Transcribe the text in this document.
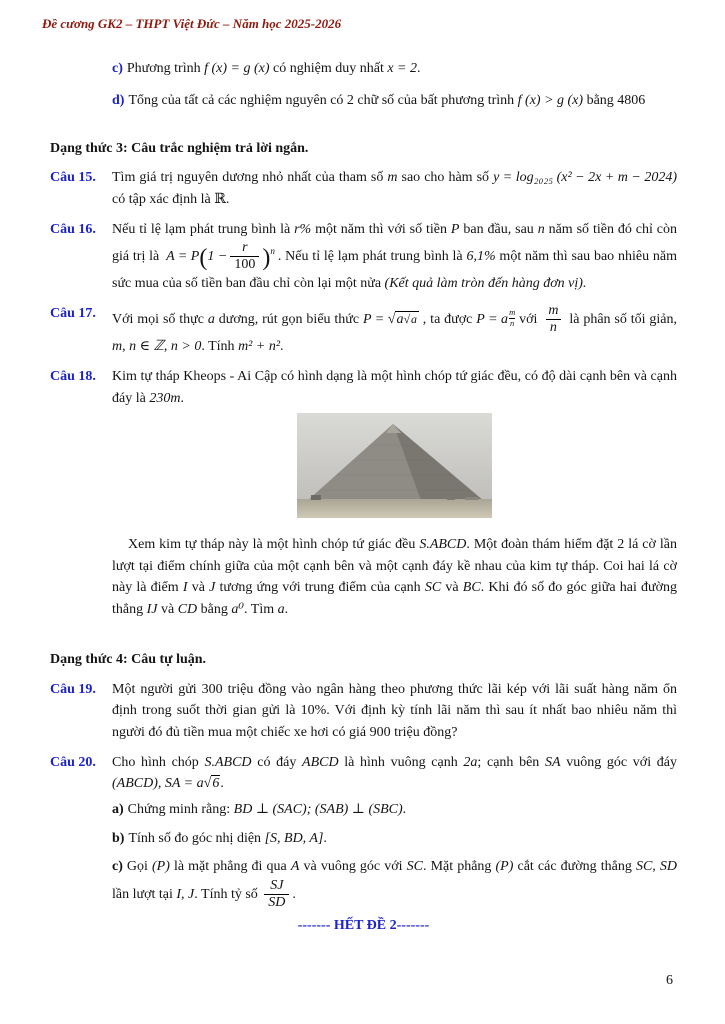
Đề cương GK2 – THPT Việt Đức – Năm học 2025-2026
c) Phương trình f (x) = g (x) có nghiệm duy nhất x = 2.
d) Tổng của tất cả các nghiệm nguyên có 2 chữ số của bất phương trình f (x) > g (x) bằng 4806
Dạng thức 3: Câu trắc nghiệm trả lời ngắn.
Câu 15.	Tìm giá trị nguyên dương nhỏ nhất của tham số m sao cho hàm số y = log₂₀₂₅ (x² − 2x + m − 2024) có tập xác định là ℝ.
Câu 16.	Nếu tỉ lệ lạm phát trung bình là r% một năm thì với số tiền P ban đầu, sau n năm số tiền đó chỉ còn giá trị là $A = P(1 - \frac{r}{100} )^n$ . Nếu tỉ lệ lạm phát trung bình là 6,1% một năm thì sau bao nhiêu năm sức mua của số tiền ban đầu chỉ còn lại một nửa (Kết quả làm tròn đến hàng đơn vị).
Câu 17.	Với mọi số thực a dương, rút gọn biểu thức P = √a√a , ta được P = a $\frac{m}{n}$ với $\frac{m}{n}$ là phân số tối giản, m, n ∈ ℤ, n > 0. Tính m² + n².
Câu 18.	Kim tự tháp Kheops - Ai Cập có hình dạng là một hình chóp tứ giác đều, có độ dài cạnh bên và cạnh đáy là 230m.
Xem kim tự tháp này là một hình chóp tứ giác đều S.ABCD. Một đoàn thám hiểm đặt 2 lá cờ lần lượt tại điểm chính giữa của một cạnh bên và một cạnh đáy kề nhau của kim tự tháp. Coi hai lá cờ này là điểm I và J tương ứng với trung điểm của cạnh SC và BC. Khi đó số đo góc giữa hai đường thẳng IJ và CD bằng a⁰. Tìm a.
Dạng thức 4: Câu tự luận.
Câu 19.	Một người gửi 300 triệu đồng vào ngân hàng theo phương thức lãi kép với lãi suất hàng năm ổn định trong suốt thời gian gửi là 10%. Với định kỳ tính lãi năm thì sau ít nhất bao nhiêu năm thì người đó đủ tiền mua một chiếc xe hơi có giá 900 triệu đồng?
Câu 20.	Cho hình chóp S.ABCD có đáy ABCD là hình vuông cạnh 2a; cạnh bên SA vuông góc với đáy (ABCD), SA = a√6.
a) Chứng minh rằng: BD ⊥ (SAC); (SAB) ⊥ (SBC).
b) Tính số đo góc nhị diện [S, BD, A].
c) Gọi (P) là mặt phẳng đi qua A và vuông góc với SC. Mặt phẳng (P) cắt các đường thẳng SC, SD lần lượt tại I, J. Tính tỷ số $\frac{SJ}{SD}$ .
------- HẾT ĐỀ 2-------
6
